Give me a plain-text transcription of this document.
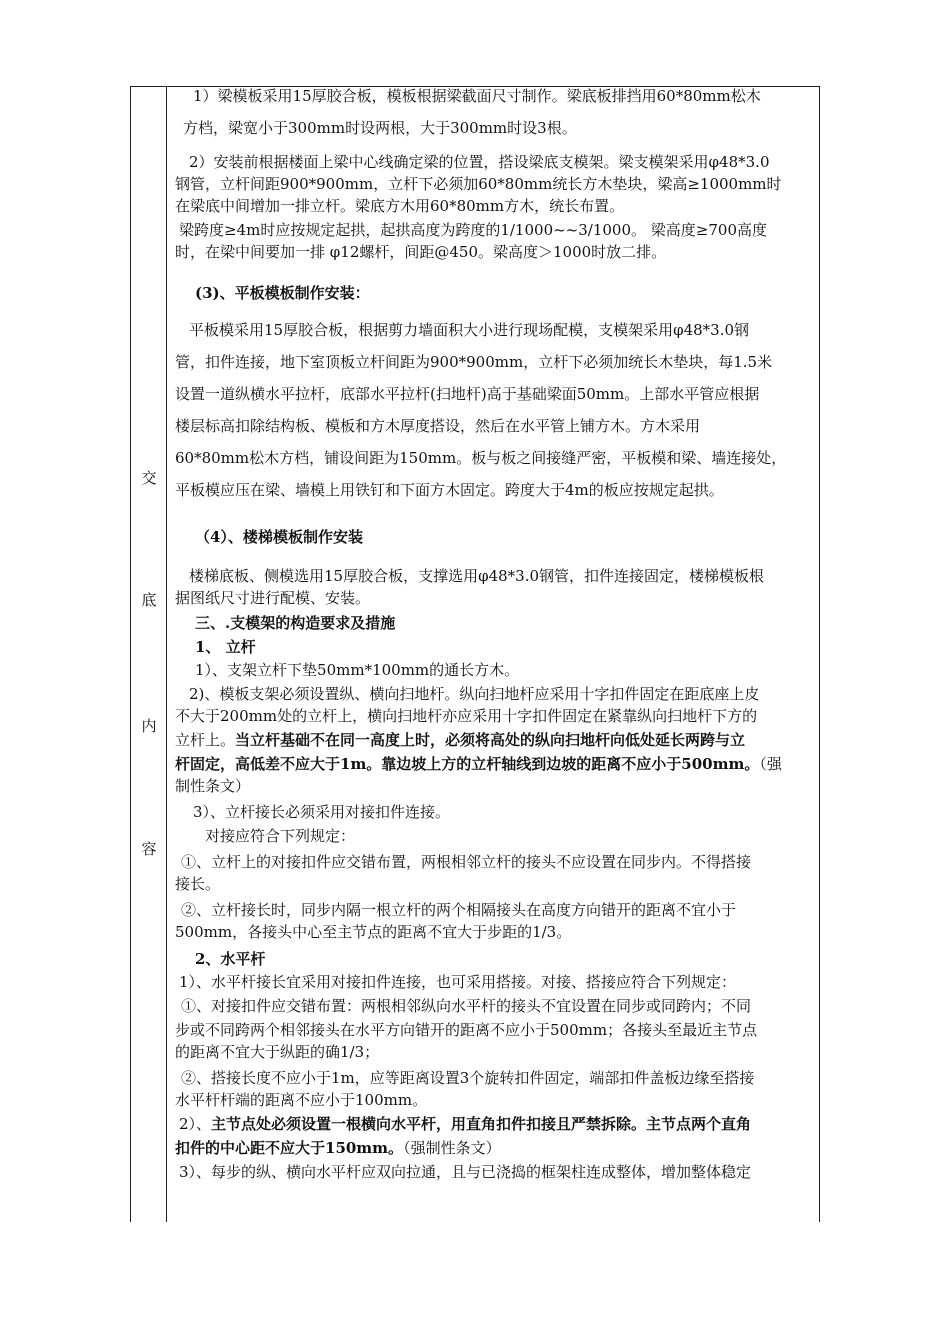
交
底
内
容

1）梁模板采用15厚胶合板，模板根据梁截面尺寸制作。梁底板排挡用60*80mm松木

方档，梁宽小于300mm时设两根，大于300mm时设3根。

2）安装前根据楼面上梁中心线确定梁的位置，搭设梁底支模架。梁支模架采用φ48*3.0

钢管，立杆间距900*900mm，立杆下必须加60*80mm统长方木垫块，梁高≥1000mm时

在梁底中间增加一排立杆。梁底方木用60*80mm方木，统长布置。

梁跨度≥4m时应按规定起拱，起拱高度为跨度的1/1000~~3/1000。 梁高度≥700高度

时，在梁中间要加一排 φ12螺杆，间距@450。梁高度＞1000时放二排。

(3)、平板模板制作安装：

平板模采用15厚胶合板，根据剪力墙面积大小进行现场配模，支模架采用φ48*3.0钢

管，扣件连接，地下室顶板立杆间距为900*900mm，立杆下必须加统长木垫块，每1.5米

设置一道纵横水平拉杆，底部水平拉杆(扫地杆)高于基础梁面50mm。上部水平管应根据

楼层标高扣除结构板、模板和方木厚度搭设，然后在水平管上铺方木。方木采用

60*80mm松木方档，铺设间距为150mm。板与板之间接缝严密，平板模和梁、墙连接处，

平板模应压在梁、墙模上用铁钉和下面方木固定。跨度大于4m的板应按规定起拱。

（4）、楼梯模板制作安装

楼梯底板、侧模选用15厚胶合板，支撑选用φ48*3.0钢管，扣件连接固定，楼梯模板根

据图纸尺寸进行配模、安装。

三、.支模架的构造要求及措施

1、 立杆

1）、支架立杆下垫50mm*100mm的通长方木。

2)、模板支架必须设置纵、横向扫地杆。纵向扫地杆应采用十字扣件固定在距底座上皮

不大于200mm处的立杆上，横向扫地杆亦应采用十字扣件固定在紧靠纵向扫地杆下方的

立杆上。当立杆基础不在同一高度上时，必须将高处的纵向扫地杆向低处延长两跨与立

杆固定，高低差不应大于1m。靠边坡上方的立杆轴线到边坡的距离不应小于500mm。（强

制性条文）

3）、立杆接长必须采用对接扣件连接。

对接应符合下列规定：

①、立杆上的对接扣件应交错布置，两根相邻立杆的接头不应设置在同步内。不得搭接

接长。

②、立杆接长时，同步内隔一根立杆的两个相隔接头在高度方向错开的距离不宜小于

500mm，各接头中心至主节点的距离不宜大于步距的1/3。

2、水平杆

1）、水平杆接长宜采用对接扣件连接，也可采用搭接。对接、搭接应符合下列规定：

①、对接扣件应交错布置：两根相邻纵向水平杆的接头不宜设置在同步或同跨内；不同

步或不同跨两个相邻接头在水平方向错开的距离不应小于500mm；各接头至最近主节点

的距离不宜大于纵距的确1/3；

②、搭接长度不应小于1m，应等距离设置3个旋转扣件固定，端部扣件盖板边缘至搭接

水平杆杆端的距离不应小于100mm。

2）、主节点处必须设置一根横向水平杆，用直角扣件扣接且严禁拆除。主节点两个直角

扣件的中心距不应大于150mm。（强制性条文）

3）、每步的纵、横向水平杆应双向拉通，且与已浇捣的框架柱连成整体，增加整体稳定
